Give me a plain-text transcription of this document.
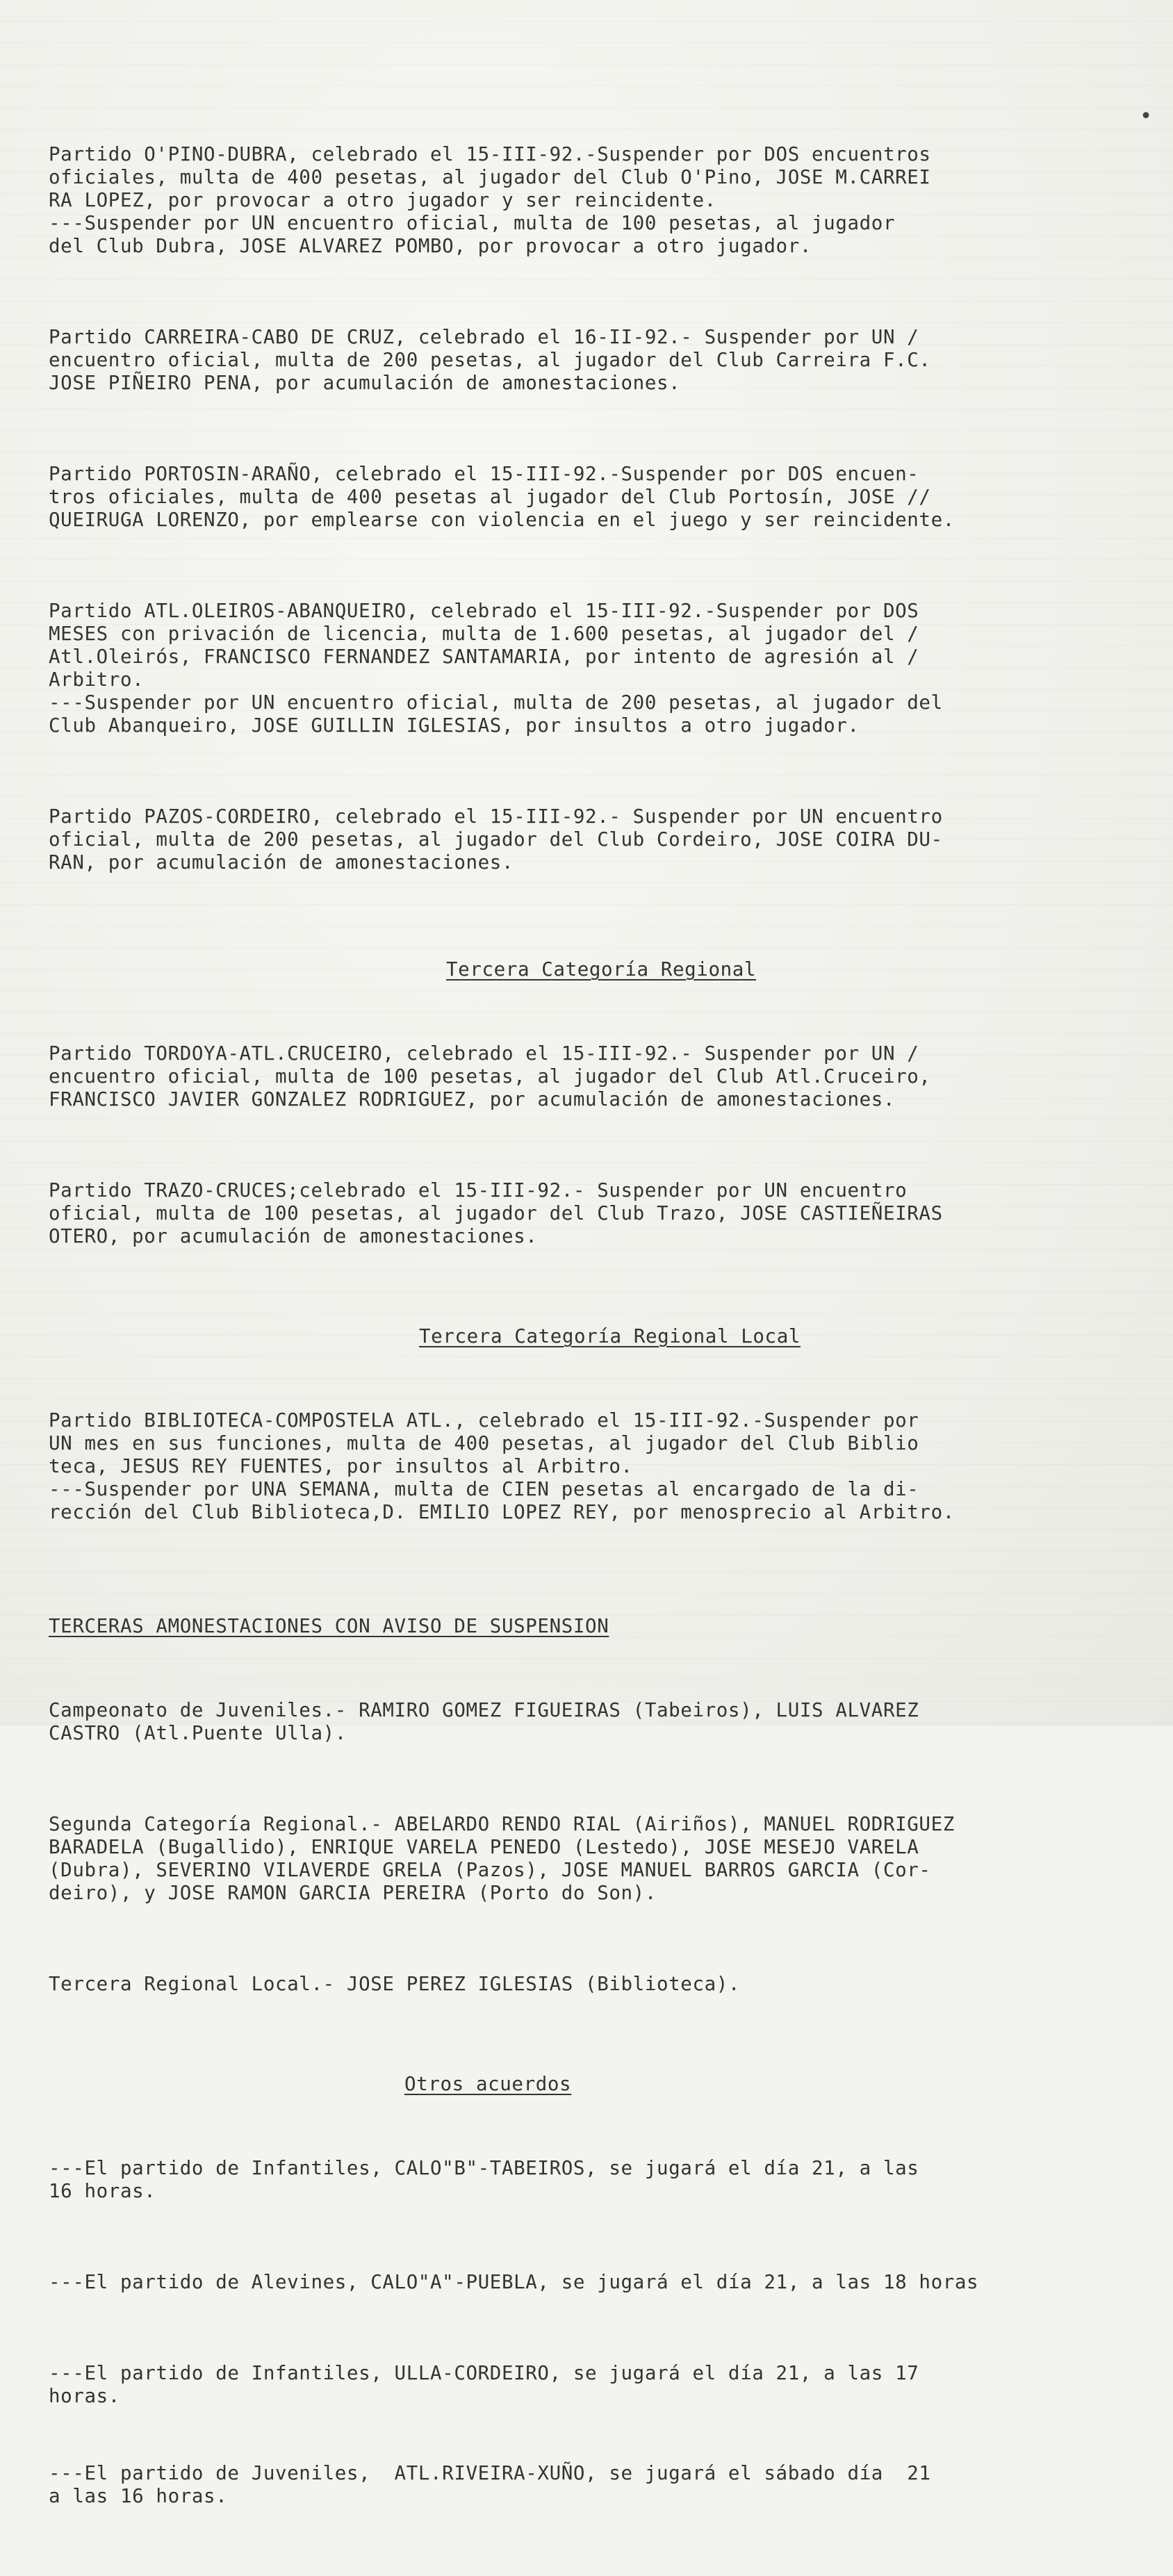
•

Partido O'PINO-DUBRA, celebrado el 15-III-92.-Suspender por DOS encuentros
oficiales, multa de 400 pesetas, al jugador del Club O'Pino, JOSE M.CARREI
RA LOPEZ, por provocar a otro jugador y ser reincidente.
---Suspender por UN encuentro oficial, multa de 100 pesetas, al jugador
del Club Dubra, JOSE ALVAREZ POMBO, por provocar a otro jugador.

Partido CARREIRA-CABO DE CRUZ, celebrado el 16-II-92.- Suspender por UN /
encuentro oficial, multa de 200 pesetas, al jugador del Club Carreira F.C.
JOSE PIÑEIRO PENA, por acumulación de amonestaciones.

Partido PORTOSIN-ARAÑO, celebrado el 15-III-92.-Suspender por DOS encuen-
tros oficiales, multa de 400 pesetas al jugador del Club Portosín, JOSE //
QUEIRUGA LORENZO, por emplearse con violencia en el juego y ser reincidente.

Partido ATL.OLEIROS-ABANQUEIRO, celebrado el 15-III-92.-Suspender por DOS
MESES con privación de licencia, multa de 1.600 pesetas, al jugador del /
Atl.Oleirós, FRANCISCO FERNANDEZ SANTAMARIA, por intento de agresión al /
Arbitro.
---Suspender por UN encuentro oficial, multa de 200 pesetas, al jugador del
Club Abanqueiro, JOSE GUILLIN IGLESIAS, por insultos a otro jugador.

Partido PAZOS-CORDEIRO, celebrado el 15-III-92.- Suspender por UN encuentro
oficial, multa de 200 pesetas, al jugador del Club Cordeiro, JOSE COIRA DU-
RAN, por acumulación de amonestaciones.

Tercera Categoría Regional

Partido TORDOYA-ATL.CRUCEIRO, celebrado el 15-III-92.- Suspender por UN /
encuentro oficial, multa de 100 pesetas, al jugador del Club Atl.Cruceiro,
FRANCISCO JAVIER GONZALEZ RODRIGUEZ, por acumulación de amonestaciones.

Partido TRAZO-CRUCES;celebrado el 15-III-92.- Suspender por UN encuentro
oficial, multa de 100 pesetas, al jugador del Club Trazo, JOSE CASTIEÑEIRAS
OTERO, por acumulación de amonestaciones.

Tercera Categoría Regional Local

Partido BIBLIOTECA-COMPOSTELA ATL., celebrado el 15-III-92.-Suspender por
UN mes en sus funciones, multa de 400 pesetas, al jugador del Club Biblio
teca, JESUS REY FUENTES, por insultos al Arbitro.
---Suspender por UNA SEMANA, multa de CIEN pesetas al encargado de la di-
rección del Club Biblioteca,D. EMILIO LOPEZ REY, por menosprecio al Arbitro.

TERCERAS AMONESTACIONES CON AVISO DE SUSPENSION

Campeonato de Juveniles.- RAMIRO GOMEZ FIGUEIRAS (Tabeiros), LUIS ALVAREZ
CASTRO (Atl.Puente Ulla).

Segunda Categoría Regional.- ABELARDO RENDO RIAL (Airiños), MANUEL RODRIGUEZ
BARADELA (Bugallido), ENRIQUE VARELA PENEDO (Lestedo), JOSE MESEJO VARELA
(Dubra), SEVERINO VILAVERDE GRELA (Pazos), JOSE MANUEL BARROS GARCIA (Cor-
deiro), y JOSE RAMON GARCIA PEREIRA (Porto do Son).

Tercera Regional Local.- JOSE PEREZ IGLESIAS (Biblioteca).

Otros acuerdos

---El partido de Infantiles, CALO"B"-TABEIROS, se jugará el día 21, a las
16 horas.

---El partido de Alevines, CALO"A"-PUEBLA, se jugará el día 21, a las 18 horas

---El partido de Infantiles, ULLA-CORDEIRO, se jugará el día 21, a las 17
horas.

---El partido de Juveniles,  ATL.RIVEIRA-XUÑO, se jugará el sábado día  21
a las 16 horas.
